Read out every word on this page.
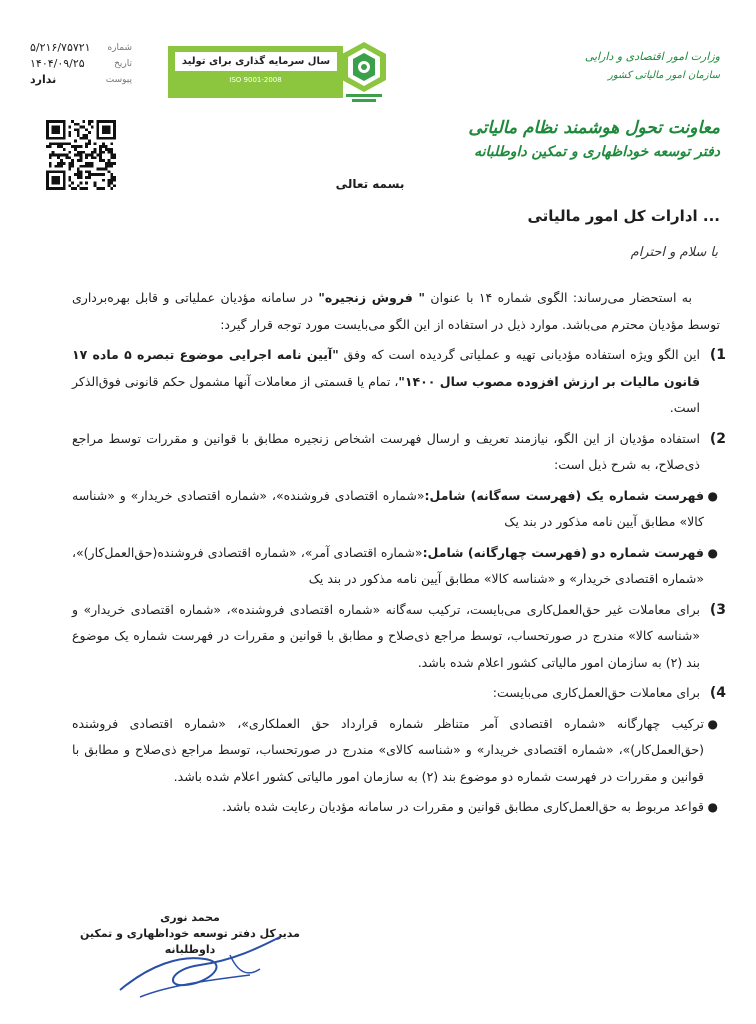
۵/۲۱۶/۷۵۷۲۱ شماره
۱۴۰۴/۰۹/۲۵	تاریخ
ندارد	پیوست
سال سرمایه گذاری برای تولید
ISO 9001-2008
وزارت امور اقتصادی و دارایی
سازمان امور مالیاتی کشور
معاونت تحول هوشمند نظام مالیاتی
دفتر توسعه خوداظهاری و تمکین داوطلبانه
بسمه تعالی
ادارات کل امور مالیاتی ...
با سلام و احترام

به استحضار می‌رساند: الگوی شماره ۱۴ با عنوان " فروش زنجیره" در سامانه مؤدیان عملیاتی و قابل بهره‌برداری توسط مؤدیان محترم می‌باشد. موارد ذیل در استفاده از این الگو می‌بایست مورد توجه قرار گیرد:

1)
این الگو ویژه استفاده مؤدیانی تهیه و عملیاتی گردیده است که وفق "آیین نامه اجرایی موضوع تبصره ۵ ماده ۱۷ قانون مالیات بر ارزش افزوده مصوب سال ۱۴۰۰"، تمام یا قسمتی از معاملات آنها مشمول حکم قانونی فوق‌الذکر است.

2)
استفاده مؤدیان از این الگو، نیازمند تعریف و ارسال فهرست اشخاص زنجیره مطابق با قوانین و مقررات توسط مراجع ذی‌صلاح، به شرح ذیل است:

●
فهرست شماره یک (فهرست سه‌گانه) شامل:«شماره اقتصادی فروشنده»، «شماره اقتصادی خریدار» و «شناسه کالا» مطابق آیین نامه مذکور در بند یک

●
فهرست شماره دو (فهرست چهارگانه) شامل:«شماره اقتصادی آمر»، «شماره اقتصادی فروشنده(حق‌العمل‌کار)»، «شماره اقتصادی خریدار» و «شناسه کالا» مطابق آیین نامه مذکور در بند یک

3)
برای معاملات غیر حق‌العمل‌کاری می‌بایست، ترکیب سه‌گانه «شماره اقتصادی فروشنده»، «شماره اقتصادی خریدار» و «شناسه کالا» مندرج در صورتحساب، توسط مراجع ذی‌صلاح و مطابق با قوانین و مقررات در فهرست شماره یک موضوع بند (۲) به سازمان امور مالیاتی کشور اعلام شده باشد.

4)
برای معاملات حق‌العمل‌کاری می‌بایست:

●
ترکیب چهارگانه «شماره اقتصادی آمر متناظر شماره قرارداد حق العملکاری»، «شماره اقتصادی فروشنده (حق‌العمل‌کار)»، «شماره اقتصادی خریدار» و «شناسه کالای» مندرج در صورتحساب، توسط مراجع ذی‌صلاح و مطابق با قوانین و مقررات در فهرست شماره دو موضوع بند (۲) به سازمان امور مالیاتی کشور اعلام شده باشد.

●
قواعد مربوط به حق‌العمل‌کاری مطابق قوانین و مقررات در سامانه مؤدیان رعایت شده باشد.

محمد نوری
مدیرکل دفتر توسعه خوداظهاری و تمکین داوطلبانه
